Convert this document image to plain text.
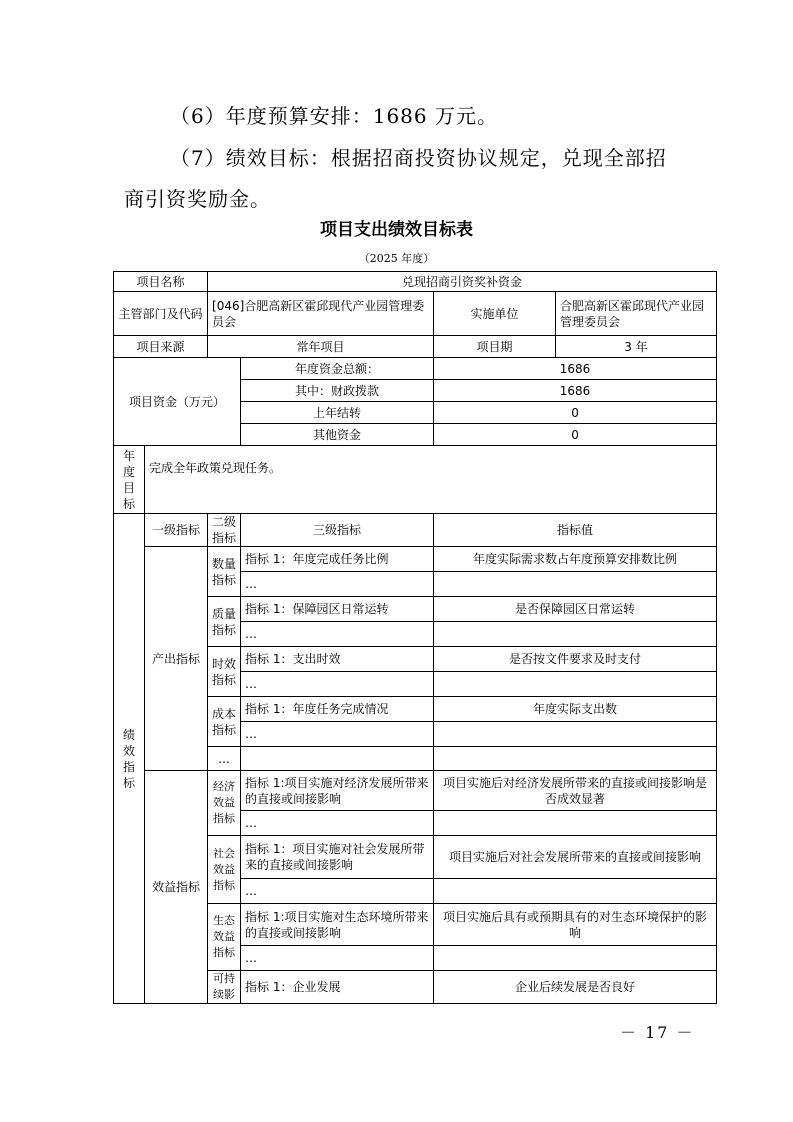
（6）年度预算安排：1686 万元。
（7）绩效目标：根据招商投资协议规定，兑现全部招
商引资奖励金。
项目支出绩效目标表
（2025 年度）
项目名称		兑现招商引资奖补资金			
主管部门及代码		[046]合肥高新区霍邱现代产业园管理委员会		实施单位	合肥高新区霍邱现代产业园管理委员会
项目来源		常年项目		项目期	3 年
项目资金（万元）			年度资金总额：	1686	
			其中：财政拨款	1686	
			上年结转	0	
			其他资金	0	
年度目标	完成全年政策兑现任务。				
绩效指标	一级指标	二级指标	三级指标	指标值	
	产出指标	数量指标	指标 1：年度完成任务比例	年度实际需求数占年度预算安排数比例	
			…		
		质量指标	指标 1：保障园区日常运转	是否保障园区日常运转	
			…		
		时效指标	指标 1：支出时效	是否按文件要求及时支付	
			…		
		成本指标	指标 1：年度任务完成情况	年度实际支出数	
			…		
		…			
	效益指标	经济效益指标	指标 1:项目实施对经济发展所带来的直接或间接影响	项目实施后对经济发展所带来的直接或间接影响是否成效显著	
			…		
		社会效益指标	指标 1：项目实施对社会发展所带来的直接或间接影响	项目实施后对社会发展所带来的直接或间接影响	
			…		
		生态效益指标	指标 1:项目实施对生态环境所带来的直接或间接影响	项目实施后具有或预期具有的对生态环境保护的影响	
			…		
		可持续影	指标 1：企业发展	企业后续发展是否良好	
－ 17 －
